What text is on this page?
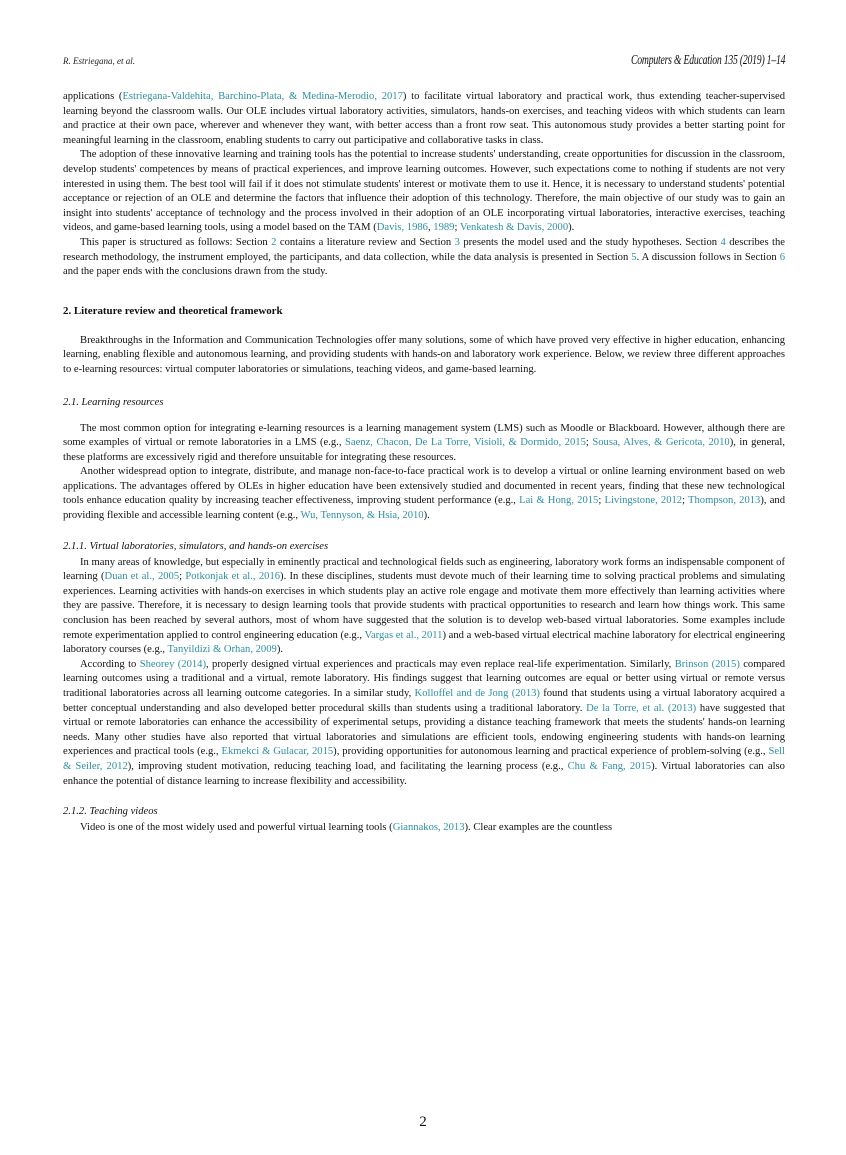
R. Estriegana, et al.	Computers & Education 135 (2019) 1–14

applications (Estriegana-Valdehita, Barchino-Plata, & Medina-Merodio, 2017) to facilitate virtual laboratory and practical work, thus extending teacher-supervised learning beyond the classroom walls. Our OLE includes virtual laboratory activities, simulators, hands-on exercises, and teaching videos with which students can learn and practice at their own pace, wherever and whenever they want, with better access than a front row seat. This autonomous study provides a better starting point for meaningful learning in the classroom, enabling students to carry out participative and collaborative tasks in class.

The adoption of these innovative learning and training tools has the potential to increase students' understanding, create opportunities for discussion in the classroom, develop students' competences by means of practical experiences, and improve learning outcomes. However, such expectations come to nothing if students are not very interested in using them. The best tool will fail if it does not stimulate students' interest or motivate them to use it. Hence, it is necessary to understand students' potential acceptance or rejection of an OLE and determine the factors that influence their adoption of this technology. Therefore, the main objective of our study was to gain an insight into students' acceptance of technology and the process involved in their adoption of an OLE incorporating virtual laboratories, interactive exercises, teaching videos, and game-based learning tools, using a model based on the TAM (Davis, 1986, 1989; Venkatesh & Davis, 2000).

This paper is structured as follows: Section 2 contains a literature review and Section 3 presents the model used and the study hypotheses. Section 4 describes the research methodology, the instrument employed, the participants, and data collection, while the data analysis is presented in Section 5. A discussion follows in Section 6 and the paper ends with the conclusions drawn from the study.

2. Literature review and theoretical framework

Breakthroughs in the Information and Communication Technologies offer many solutions, some of which have proved very effective in higher education, enhancing learning, enabling flexible and autonomous learning, and providing students with hands-on and laboratory work experience. Below, we review three different approaches to e-learning resources: virtual computer laboratories or simulations, teaching videos, and game-based learning.

2.1. Learning resources

The most common option for integrating e-learning resources is a learning management system (LMS) such as Moodle or Blackboard. However, although there are some examples of virtual or remote laboratories in a LMS (e.g., Saenz, Chacon, De La Torre, Visioli, & Dormido, 2015; Sousa, Alves, & Gericota, 2010), in general, these platforms are excessively rigid and therefore unsuitable for integrating these resources.

Another widespread option to integrate, distribute, and manage non-face-to-face practical work is to develop a virtual or online learning environment based on web applications. The advantages offered by OLEs in higher education have been extensively studied and documented in recent years, finding that these new technological tools enhance education quality by increasing teacher effectiveness, improving student performance (e.g., Lai & Hong, 2015; Livingstone, 2012; Thompson, 2013), and providing flexible and accessible learning content (e.g., Wu, Tennyson, & Hsia, 2010).

2.1.1. Virtual laboratories, simulators, and hands-on exercises

In many areas of knowledge, but especially in eminently practical and technological fields such as engineering, laboratory work forms an indispensable component of learning (Duan et al., 2005; Potkonjak et al., 2016). In these disciplines, students must devote much of their learning time to solving practical problems and simulating experiences. Learning activities with hands-on exercises in which students play an active role engage and motivate them more effectively than learning activities where they are passive. Therefore, it is necessary to design learning tools that provide students with practical opportunities to research and learn how things work. This same conclusion has been reached by several authors, most of whom have suggested that the solution is to develop web-based virtual laboratories. Some examples include remote experimentation applied to control engineering education (e.g., Vargas et al., 2011) and a web-based virtual electrical machine laboratory for electrical engineering laboratory courses (e.g., Tanyildizi & Orhan, 2009).

According to Sheorey (2014), properly designed virtual experiences and practicals may even replace real-life experimentation. Similarly, Brinson (2015) compared learning outcomes using a traditional and a virtual, remote laboratory. His findings suggest that learning outcomes are equal or better using virtual or remote versus traditional laboratories across all learning outcome categories. In a similar study, Kolloffel and de Jong (2013) found that students using a virtual laboratory acquired a better conceptual understanding and also developed better procedural skills than students using a traditional laboratory. De la Torre, et al. (2013) have suggested that virtual or remote laboratories can enhance the accessibility of experimental setups, providing a distance teaching framework that meets the students' hands-on learning needs. Many other studies have also reported that virtual laboratories and simulations are efficient tools, endowing engineering students with hands-on learning experiences and practical tools (e.g., Ekmekci & Gulacar, 2015), providing opportunities for autonomous learning and practical experience of problem-solving (e.g., Sell & Seiler, 2012), improving student motivation, reducing teaching load, and facilitating the learning process (e.g., Chu & Fang, 2015). Virtual laboratories can also enhance the potential of distance learning to increase flexibility and accessibility.

2.1.2. Teaching videos

Video is one of the most widely used and powerful virtual learning tools (Giannakos, 2013). Clear examples are the countless

2
